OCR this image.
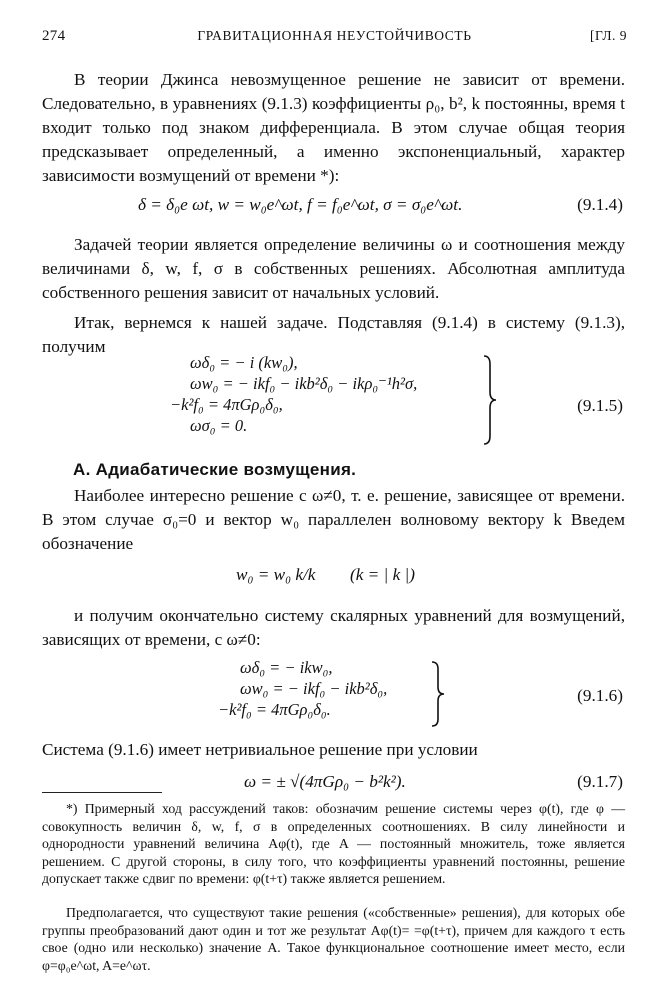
274	ГРАВИТАЦИОННАЯ НЕУСТОЙЧИВОСТЬ	[ГЛ. 9
В теории Джинса невозмущенное решение не зависит от времени. Следовательно, в уравнениях (9.1.3) коэффициенты ρ₀, b², k постоянны, время t входит только под знаком дифференциала. В этом случае общая теория предсказывает определенный, а именно экспоненциальный, характер зависимости возмущений от времени *):
δ = δ₀e ωt, w = w₀e^ωt, f = f₀e^ωt, σ = σ₀e^ωt.	(9.1.4)
Задачей теории является определение величины ω и соотношения между величинами δ, w, f, σ в собственных решениях. Абсолютная амплитуда собственного решения зависит от начальных условий.
Итак, вернемся к нашей задаче. Подставляя (9.1.4) в систему (9.1.3), получим
ωδ₀ = − i (kw₀),
ωw₀ = − ikf₀ − ikb²δ₀ − ikρ₀⁻¹h²σ,
−k²f₀ = 4πGρ₀δ₀,
ωσ₀ = 0.
(9.1.5)
А. Адиабатические возмущения.
Наиболее интересно решение с ω≠0, т. е. решение, зависящее от времени. В этом случае σ₀=0 и вектор w₀ параллелен волновому вектору k Введем обозначение
w₀ = w₀ k/k (k = | k |)
и получим окончательно систему скалярных уравнений для возмущений, зависящих от времени, с ω≠0:
ωδ₀ = − ikw₀,
ωw₀ = − ikf₀ − ikb²δ₀,
−k²f₀ = 4πGρ₀δ₀.
(9.1.6)
Система (9.1.6) имеет нетривиальное решение при условии
ω = ± √(4πGρ₀ − b²k²).	(9.1.7)
*) Примерный ход рассуждений таков: обозначим решение системы через φ(t), где φ — совокупность величин δ, w, f, σ в определенных соотношениях. В силу линейности и однородности уравнений величина Aφ(t), где A — постоянный множитель, тоже является решением. С другой стороны, в силу того, что коэффициенты уравнений постоянны, решение допускает также сдвиг по времени: φ(t+τ) также является решением.
Предполагается, что существуют такие решения («собственные» решения), для которых обе группы преобразований дают один и тот же результат Aφ(t)= =φ(t+τ), причем для каждого τ есть свое (одно или несколько) значение A. Такое функциональное соотношение имеет место, если φ=φ₀e^ωt, A=e^ωτ.
